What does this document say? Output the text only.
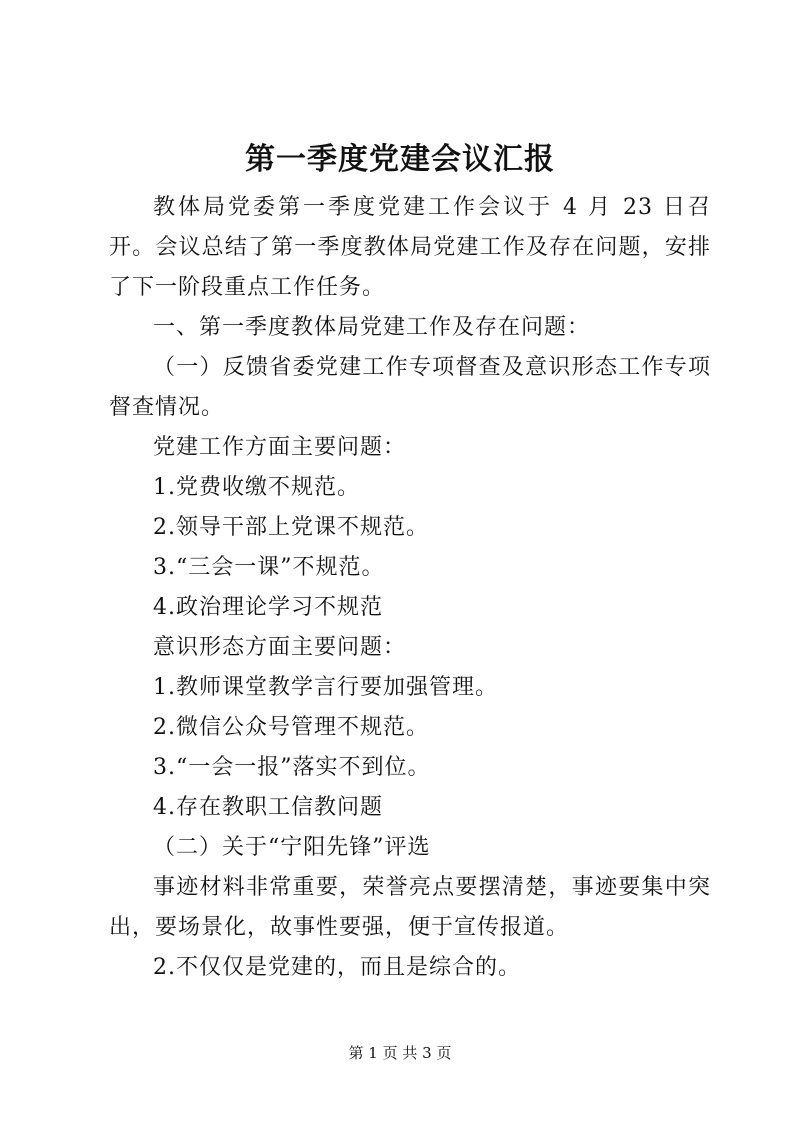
第一季度党建会议汇报

教体局党委第一季度党建工作会议于 4 月 23 日召开。会议总结了第一季度教体局党建工作及存在问题，安排了下一阶段重点工作任务。

一、第一季度教体局党建工作及存在问题：

（一）反馈省委党建工作专项督查及意识形态工作专项督查情况。

党建工作方面主要问题：

1.党费收缴不规范。

2.领导干部上党课不规范。

3.“三会一课”不规范。

4.政治理论学习不规范

意识形态方面主要问题：

1.教师课堂教学言行要加强管理。

2.微信公众号管理不规范。

3.“一会一报”落实不到位。

4.存在教职工信教问题

（二）关于“宁阳先锋”评选

事迹材料非常重要，荣誉亮点要摆清楚，事迹要集中突出，要场景化，故事性要强，便于宣传报道。

2.不仅仅是党建的，而且是综合的。

第 1 页 共 3 页
